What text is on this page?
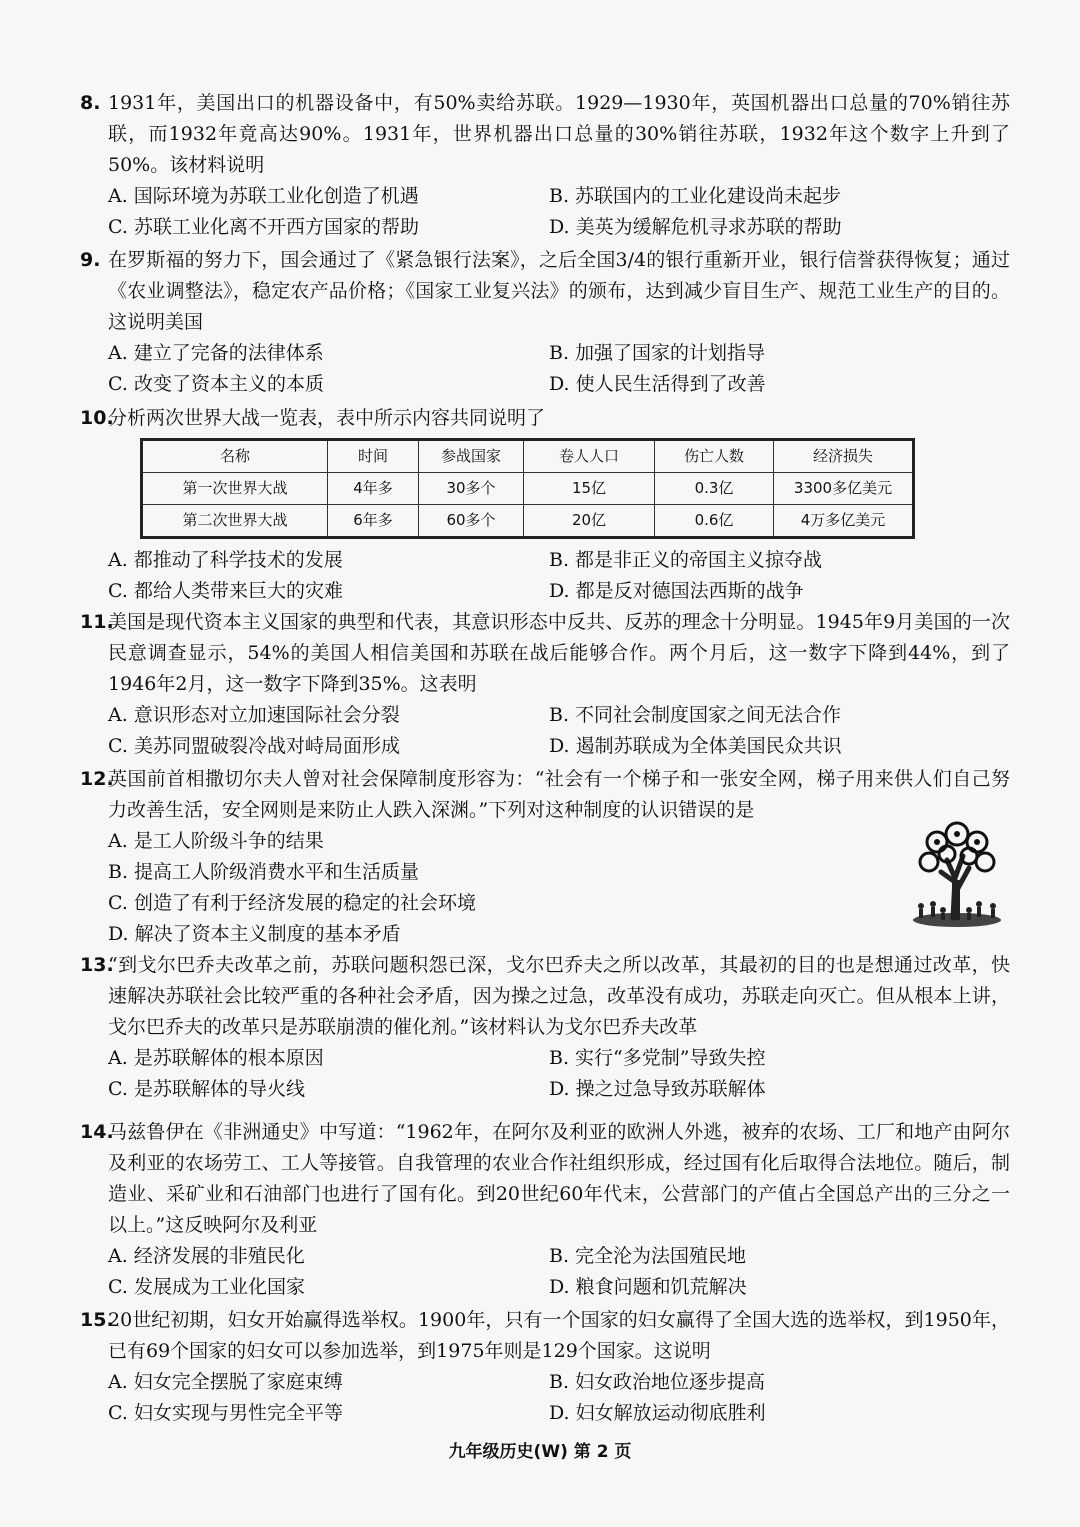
8. 1931年，美国出口的机器设备中，有50%卖给苏联。1929—1930年，英国机器出口总量的70%销往苏联，而1932年竟高达90%。1931年，世界机器出口总量的30%销往苏联，1932年这个数字上升到了50%。该材料说明
A. 国际环境为苏联工业化创造了机遇	B. 苏联国内的工业化建设尚未起步
C. 苏联工业化离不开西方国家的帮助	D. 美英为缓解危机寻求苏联的帮助
9. 在罗斯福的努力下，国会通过了《紧急银行法案》，之后全国3/4的银行重新开业，银行信誉获得恢复；通过《农业调整法》，稳定农产品价格；《国家工业复兴法》的颁布，达到减少盲目生产、规范工业生产的目的。这说明美国
A. 建立了完备的法律体系	B. 加强了国家的计划指导
C. 改变了资本主义的本质	D. 使人民生活得到了改善
10.
分析两次世界大战一览表，表中所示内容共同说明了
名称	时间	参战国家	卷人人口	伤亡人数	经济损失
第一次世界大战	4年多	30多个	15亿	0.3亿	3300多亿美元
第二次世界大战	6年多	60多个	20亿	0.6亿	4万多亿美元
A. 都推动了科学技术的发展	B. 都是非正义的帝国主义掠夺战
C. 都给人类带来巨大的灾难	D. 都是反对德国法西斯的战争
11.
美国是现代资本主义国家的典型和代表，其意识形态中反共、反苏的理念十分明显。1945年9月美国的一次民意调查显示，54%的美国人相信美国和苏联在战后能够合作。两个月后，这一数字下降到44%，到了1946年2月，这一数字下降到35%。这表明
A. 意识形态对立加速国际社会分裂	B. 不同社会制度国家之间无法合作
C. 美苏同盟破裂冷战对峙局面形成	D. 遏制苏联成为全体美国民众共识
12.
英国前首相撒切尔夫人曾对社会保障制度形容为：“社会有一个梯子和一张安全网，梯子用来供人们自己努力改善生活，安全网则是来防止人跌入深渊。”下列对这种制度的认识错误的是
A. 是工人阶级斗争的结果
B. 提高工人阶级消费水平和生活质量
C. 创造了有利于经济发展的稳定的社会环境
D. 解决了资本主义制度的基本矛盾
13.
“到戈尔巴乔夫改革之前，苏联问题积怨已深，戈尔巴乔夫之所以改革，其最初的目的也是想通过改革，快速解决苏联社会比较严重的各种社会矛盾，因为操之过急，改革没有成功，苏联走向灭亡。但从根本上讲，戈尔巴乔夫的改革只是苏联崩溃的催化剂。”该材料认为戈尔巴乔夫改革
A. 是苏联解体的根本原因	B. 实行“多党制”导致失控
C. 是苏联解体的导火线	D. 操之过急导致苏联解体
14.
马兹鲁伊在《非洲通史》中写道：“1962年，在阿尔及利亚的欧洲人外逃，被弃的农场、工厂和地产由阿尔及利亚的农场劳工、工人等接管。自我管理的农业合作社组织形成，经过国有化后取得合法地位。随后，制造业、采矿业和石油部门也进行了国有化。到20世纪60年代末，公营部门的产值占全国总产出的三分之一以上。”这反映阿尔及利亚
A. 经济发展的非殖民化	B. 完全沦为法国殖民地
C. 发展成为工业化国家	D. 粮食问题和饥荒解决
15.
20世纪初期，妇女开始赢得选举权。1900年，只有一个国家的妇女赢得了全国大选的选举权，到1950年，已有69个国家的妇女可以参加选举，到1975年则是129个国家。这说明
A. 妇女完全摆脱了家庭束缚	B. 妇女政治地位逐步提高
C. 妇女实现与男性完全平等	D. 妇女解放运动彻底胜利
九年级历史(W) 第 2 页
